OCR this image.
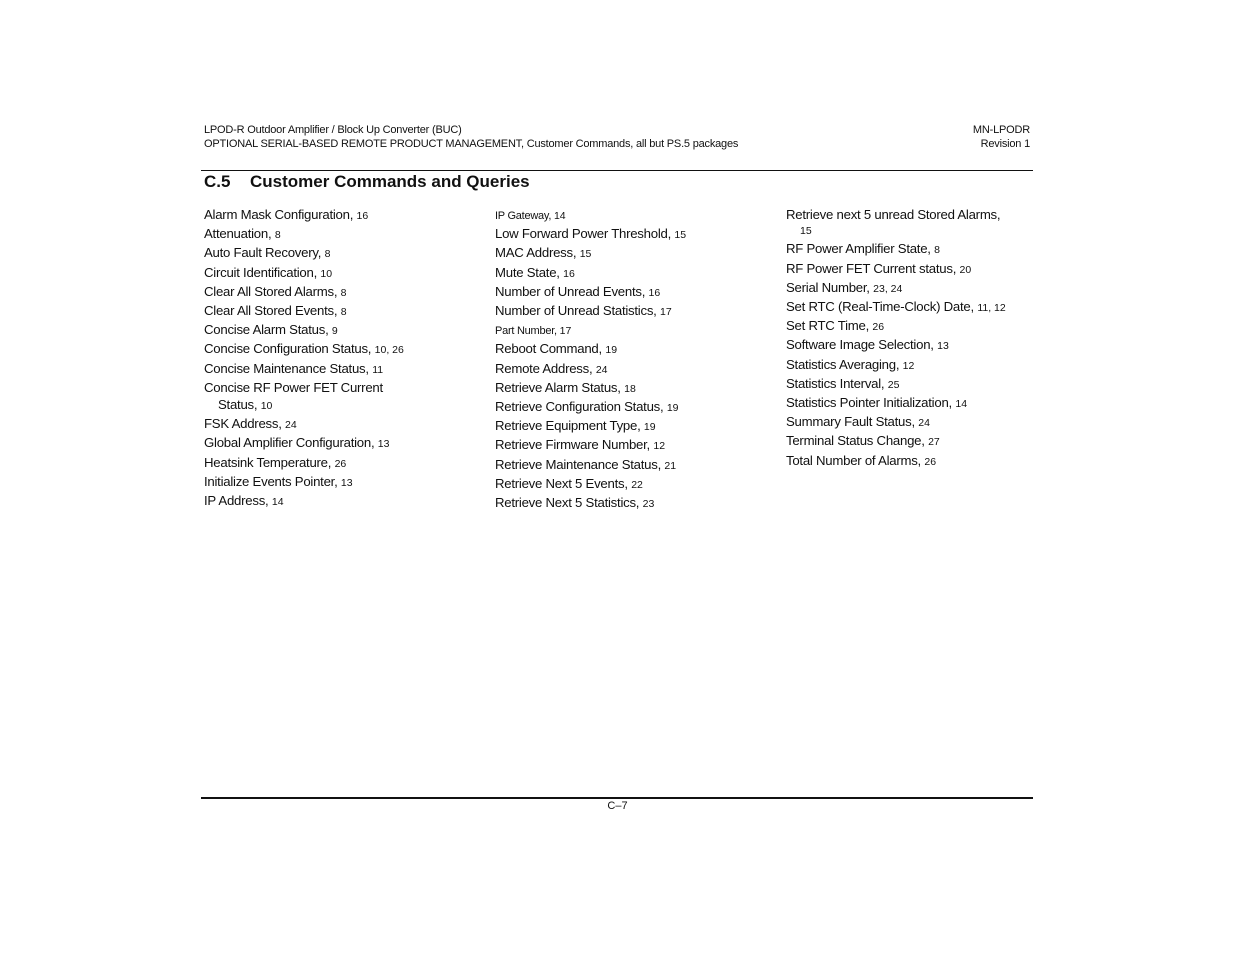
LPOD-R Outdoor Amplifier / Block Up Converter (BUC)
OPTIONAL SERIAL-BASED REMOTE PRODUCT MANAGEMENT, Customer Commands, all but PS.5 packages
MN-LPODR
Revision 1
C.5 Customer Commands and Queries
Alarm Mask Configuration, 16
Attenuation, 8
Auto Fault Recovery, 8
Circuit Identification, 10
Clear All Stored Alarms, 8
Clear All Stored Events, 8
Concise Alarm Status, 9
Concise Configuration Status, 10, 26
Concise Maintenance Status, 11
Concise RF Power FET Current
Status, 10
FSK Address, 24
Global Amplifier Configuration, 13
Heatsink Temperature, 26
Initialize Events Pointer, 13
IP Address, 14
IP Gateway, 14
Low Forward Power Threshold, 15
MAC Address, 15
Mute State, 16
Number of Unread Events, 16
Number of Unread Statistics, 17
Part Number, 17
Reboot Command, 19
Remote Address, 24
Retrieve Alarm Status, 18
Retrieve Configuration Status, 19
Retrieve Equipment Type, 19
Retrieve Firmware Number, 12
Retrieve Maintenance Status, 21
Retrieve Next 5 Events, 22
Retrieve Next 5 Statistics, 23
Retrieve next 5 unread Stored Alarms,
15
RF Power Amplifier State, 8
RF Power FET Current status, 20
Serial Number, 23, 24
Set RTC (Real-Time-Clock) Date, 11, 12
Set RTC Time, 26
Software Image Selection, 13
Statistics Averaging, 12
Statistics Interval, 25
Statistics Pointer Initialization, 14
Summary Fault Status, 24
Terminal Status Change, 27
Total Number of Alarms, 26
C–7
